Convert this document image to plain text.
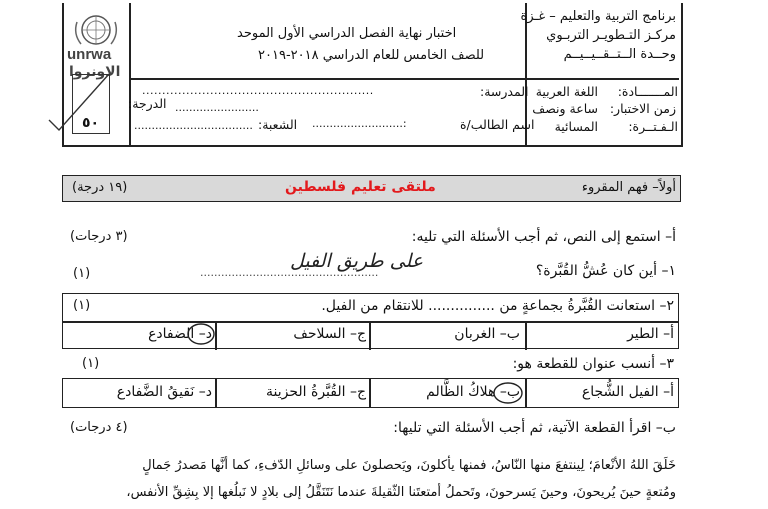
unrwa
الاونروا
٥٠
برنامج التربية والتعليم – غـزة
مركـز التـطويـر التربـوي
وحــدة الــتــقــيــيــم
اختبار نهاية الفصل الدراسي الأول الموحد
للصف الخامس للعام الدراسي ٢٠١٨-٢٠١٩
المـــــــادة:
اللغة العربية
زمن الاختبار:
ساعة ونصف
الـفـتــرة:
المسائية
المدرسة:
..........................................................
اسم الطالب/ة
:..........................
الشعبة:
..................................
الدرجة: ........................
أولاً– فهم المقروء
ملتقى تعليم فلسطين
(١٩ درجة)
أ– استمع إلى النص، ثم أجب الأسئلة التي تليه:
(٣ درجات)
١– أين كان عُشُّ القُبَّرة؟
...................................................
على طريق الفيل
(١)
٢– استعانت القُبَّرةُ بجماعةٍ من ............... للانتقام من الفيل.
(١)
أ– الطير
ب– الغربان
ج– السلاحف
د– الضفادع
٣– أنسب عنوان للقطعة هو:
(١)
أ– الفيل الشُّجاع
ب– هلاكُ الظَّالم
ج– القُبَّرةُ الحزينة
د– نَقيقُ الضَّفادع
ب– اقرأ القطعة الآتية، ثم أجب الأسئلة التي تليها:
(٤ درجات)
خَلَقَ اللهُ الأنْعامَ؛ لِينتفعَ منها النّاسُ، فمنها يأكلونَ، ويَحصلونَ على وسائلِ الدّفءِ، كما أنَّها مَصدرُ جَمالٍ
ومُتعةٍ حينَ يُريحونَ، وحينَ يَسرحونَ، وتَحملُ أمتعتَنا الثّقيلةَ عندما نَتَنَقَّلُ إلى بلادٍ لا نَبلُغها إلا بِشِقِّ الأنفس،
